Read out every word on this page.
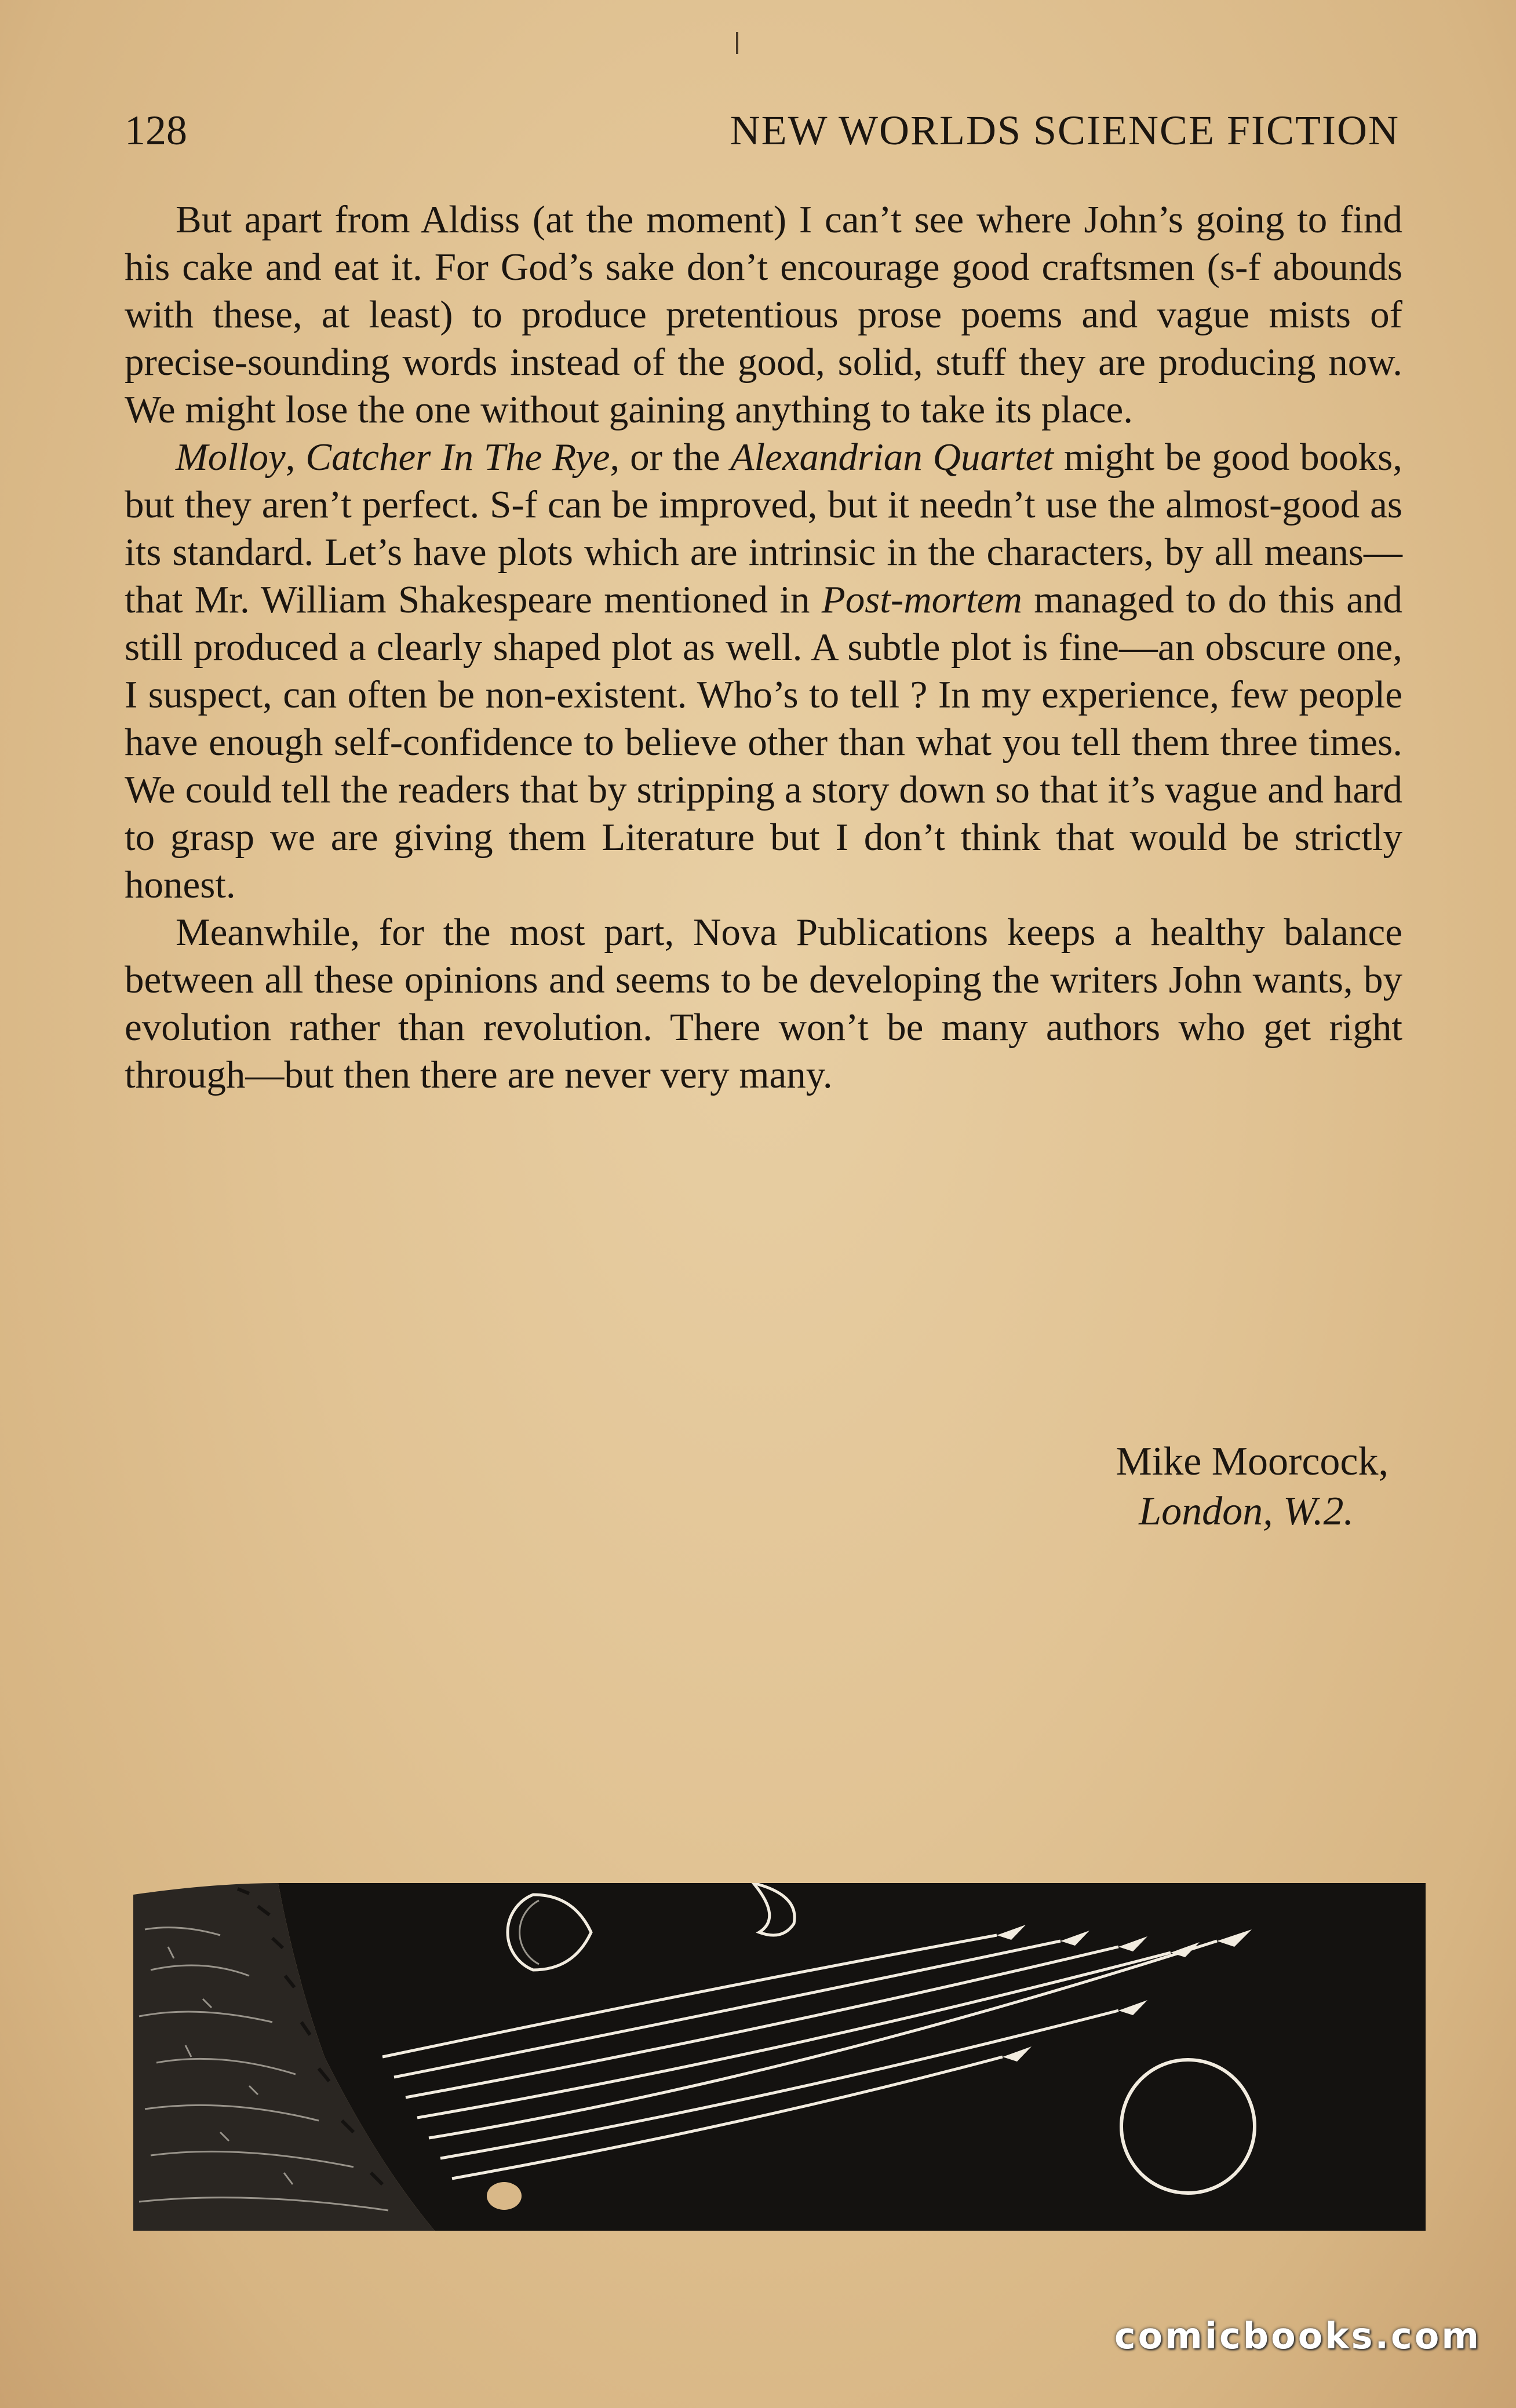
128	NEW WORLDS SCIENCE FICTION

But apart from Aldiss (at the moment) I can’t see where John’s going to find his cake and eat it. For God’s sake don’t encourage good craftsmen (s-f abounds with these, at least) to produce pretentious prose poems and vague mists of precise-sounding words instead of the good, solid, stuff they are producing now. We might lose the one without gaining anything to take its place.

Molloy, Catcher In The Rye, or the Alexandrian Quartet might be good books, but they aren’t perfect. S-f can be improved, but it needn’t use the almost-good as its standard. Let’s have plots which are intrinsic in the characters, by all means—that Mr. William Shakespeare mentioned in Post-mortem managed to do this and still produced a clearly shaped plot as well. A subtle plot is fine—an obscure one, I suspect, can often be non-existent. Who’s to tell ? In my experience, few people have enough self-confidence to believe other than what you tell them three times. We could tell the readers that by stripping a story down so that it’s vague and hard to grasp we are giving them Literature but I don’t think that would be strictly honest.

Meanwhile, for the most part, Nova Publications keeps a healthy balance between all these opinions and seems to be developing the writers John wants, by evolution rather than revolution. There won’t be many authors who get right through—but then there are never very many.

Mike Moorcock,
London, W.2.
comicbooks.com
